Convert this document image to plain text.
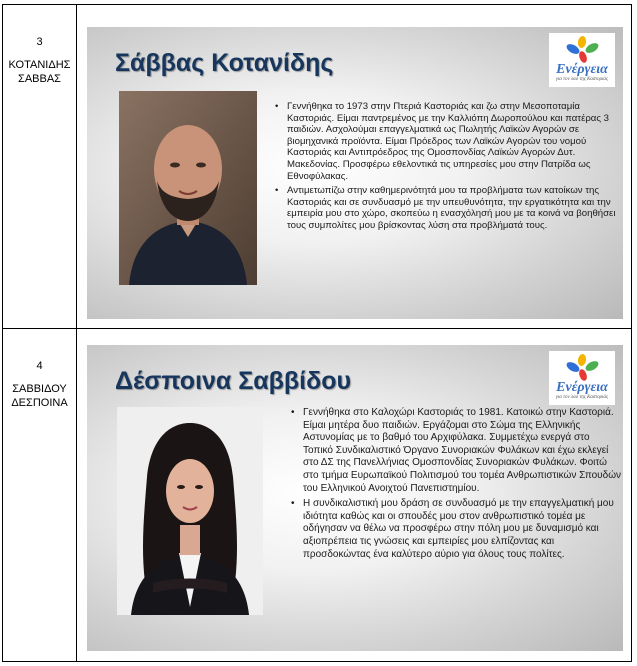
3
ΚΟΤΑΝΙΔΗΣ
ΣΑΒΒΑΣ
Σάββας Κοτανίδης	Ενέργεια
για τον λαό της Καστοριάς
• Γεννήθηκα το 1973 στην Πτεριά Καστοριάς και ζω στην Μεσοποταμία Καστοριάς. Είμαι παντρεμένος με την Καλλιόπη Δωροπούλου και πατέρας 3 παιδιών. Ασχολούμαι επαγγελματικά ως Πωλητής Λαϊκών Αγορών σε βιομηχανικά προϊόντα. Είμαι Πρόεδρος των Λαϊκών Αγορών του νομού Καστοριάς και Αντιπρόεδρος της Ομοσπονδίας Λαϊκών Αγορών Δυτ. Μακεδονίας. Προσφέρω εθελοντικά τις υπηρεσίες μου στην Πατρίδα ως Εθνοφύλακας.
• Αντιμετωπίζω στην καθημερινότητά μου τα προβλήματα των κατοίκων της Καστοριάς και σε συνδυασμό με την υπευθυνότητα, την εργατικότητα και την εμπειρία μου στο χώρο, σκοπεύω η ενασχόλησή μου με τα κοινά να βοηθήσει τους συμπολίτες μου βρίσκοντας λύση στα προβλήματά τους.
4
ΣΑΒΒΙΔΟΥ
ΔΕΣΠΟΙΝΑ
Δέσποινα Σαββίδου	Ενέργεια
για τον λαό της Καστοριάς
• Γεννήθηκα στο Καλοχώρι Καστοριάς το 1981. Κατοικώ στην Καστοριά. Είμαι μητέρα δυο παιδιών. Εργάζομαι στο Σώμα της Ελληνικής Αστυνομίας με το βαθμό του Αρχιφύλακα. Συμμετέχω ενεργά στο Τοπικό Συνδικαλιστικό Όργανο Συνοριακών Φυλάκων και έχω εκλεγεί στο ΔΣ της Πανελλήνιας Ομοσπονδίας Συνοριακών Φυλάκων. Φοιτώ στο τμήμα Ευρωπαϊκού Πολιτισμού του τομέα Ανθρωπιστικών Σπουδών του Ελληνικού Ανοιχτού Πανεπιστημίου.
• Η συνδικαλιστική μου δράση σε συνδυασμό με την επαγγελματική μου ιδιότητα καθώς και οι σπουδές μου στον ανθρωπιστικό τομέα με οδήγησαν να θέλω να προσφέρω στην πόλη μου με δυναμισμό και αξιοπρέπεια τις γνώσεις και εμπειρίες μου ελπίζοντας και προσδοκώντας ένα καλύτερο αύριο για όλους τους πολίτες.
